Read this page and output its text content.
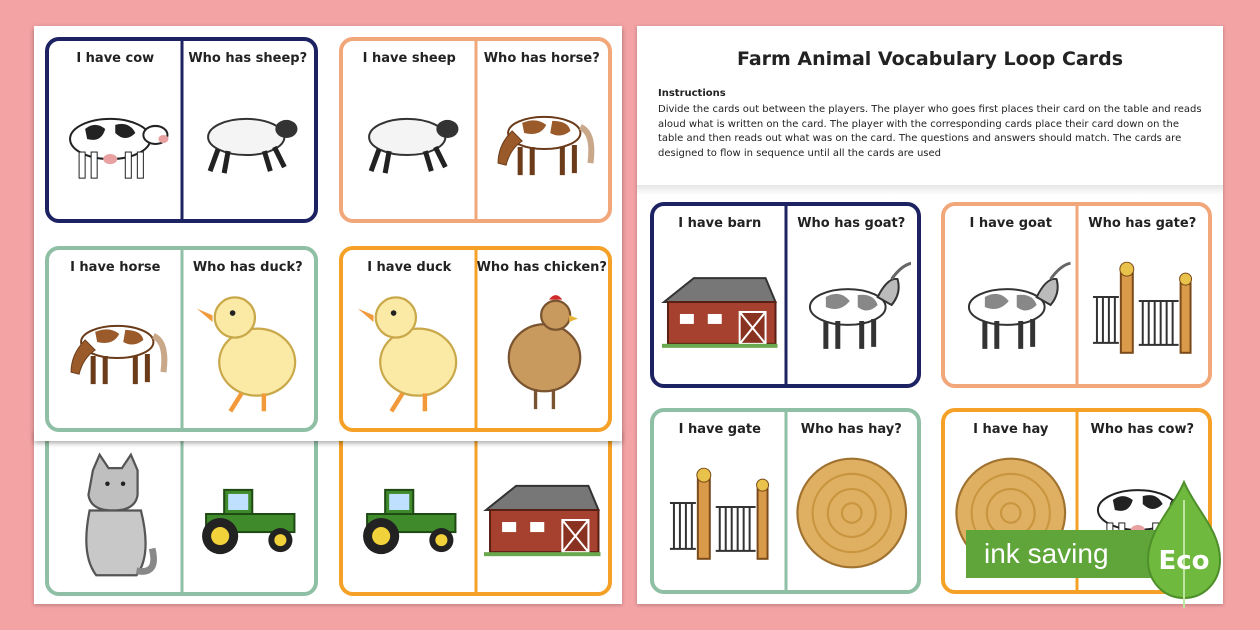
Farm Animal Vocabulary Loop Cards
Instructions
Divide the cards out between the players. The player who goes first places their card on the table and reads aloud what is written on the card. The player with the corresponding cards place their card down on the table and then reads out what was on the card. The questions and answers should match. The cards are designed to flow in sequence until all the cards are used
I have cow	Who has sheep?	I have sheep	Who has horse?
I have horse	Who has duck?	I have duck	Who has chicken?
I have barn	Who has goat?	I have goat	Who has gate?
I have gate	Who has hay?	I have hay	Who has cow?
ink saving Eco
